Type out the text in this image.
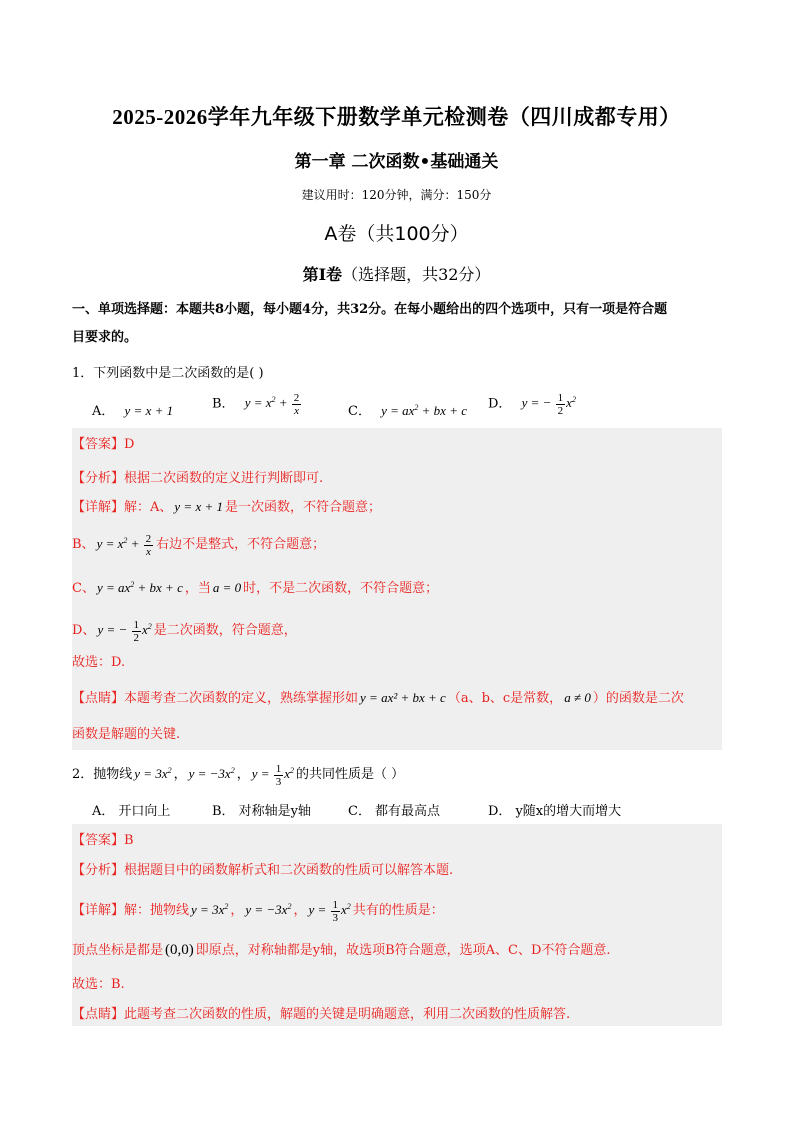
2025-2026学年九年级下册数学单元检测卷（四川成都专用）
第一章 二次函数•基础通关
建议用时：120分钟，满分：150分
A卷（共100分）
第Ⅰ卷（选择题，共32分）
一、单项选择题：本题共8小题，每小题4分，共32分。在每小题给出的四个选项中，只有一项是符合题
目要求的。
1．下列函数中是二次函数的是( )
A． y = x + 1	B． $y = x^2 + \frac{2}{x}$	C． $y = ax^2$ + bx + c D． y = − $\frac{1}{2} x^2$
【答案】D
【分析】根据二次函数的定义进行判断即可.
【详解】解：A、 y = x + 1 是一次函数，不符合题意；
B、 $y = x^2 + \frac{2}{x}$ 右边不是整式，不符合题意；
C、 $y = ax^2$ + bx + c ，当 a = 0 时，不是二次函数，不符合题意；
D、 y = − $\frac{1}{2} x^2$ 是二次函数，符合题意，
故选：D.
【点睛】本题考查二次函数的定义，熟练掌握形如 y = ax² + bx + c （a、b、c是常数， a ≠ 0 ）的函数是二次
函数是解题的关键.
2．抛物线 $y = 3x^2$ ， $y = -3x^2$ ， $y = \frac{1}{3} x^2$ 的共同性质是（ ）
A． 开口向上	B． 对称轴是y轴	C． 都有最高点	D． y随x的增大而增大
【答案】B
【分析】根据题目中的函数解析式和二次函数的性质可以解答本题.
【详解】解：抛物线 $y = 3x^2$ ， $y = -3x^2$ ， $y = \frac{1}{3} x^2$ 共有的性质是：
顶点坐标是都是 (0,0) 即原点，对称轴都是y轴，故选项B符合题意，选项A、C、D不符合题意.
故选：B.
【点睛】此题考查二次函数的性质，解题的关键是明确题意，利用二次函数的性质解答.
